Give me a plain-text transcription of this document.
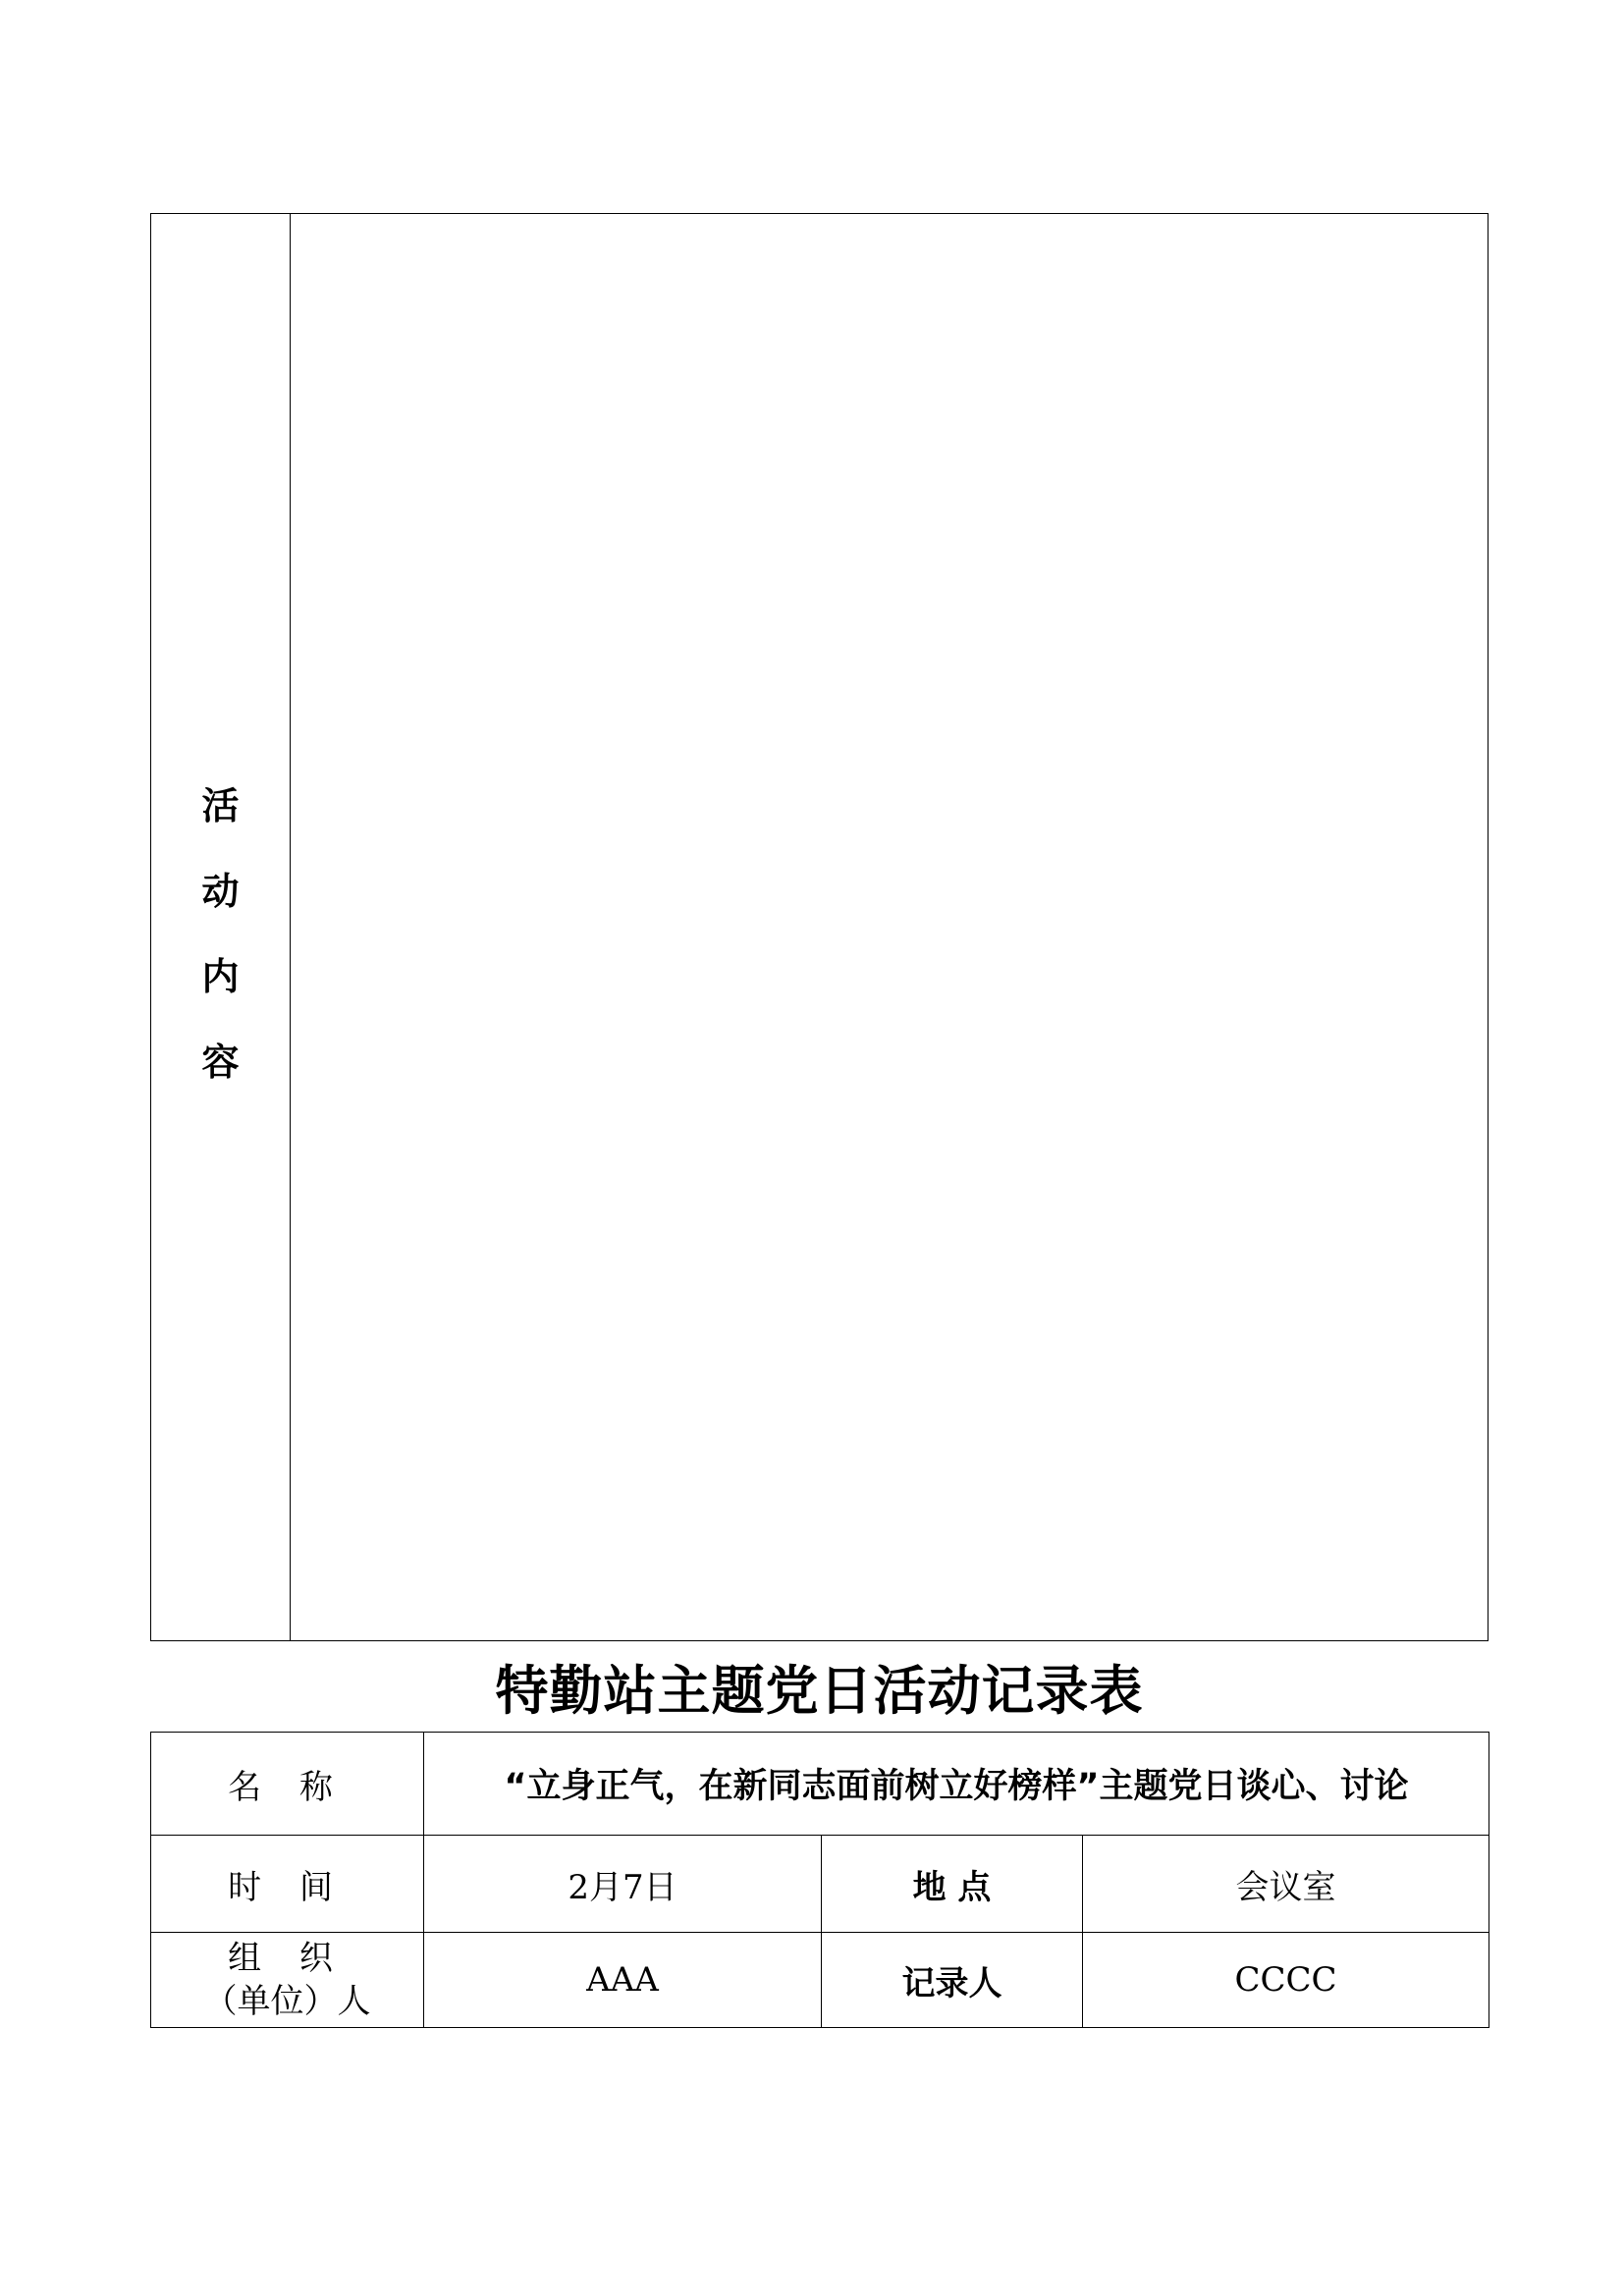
活
动
内
容
特勤站主题党日活动记录表
名 称	“立身正气，在新同志面前树立好榜样”主题党日谈心、讨论		
时 间	2月7日	地 点	会议室

组 织
（单位）人	AAA	记录人	CCCC
